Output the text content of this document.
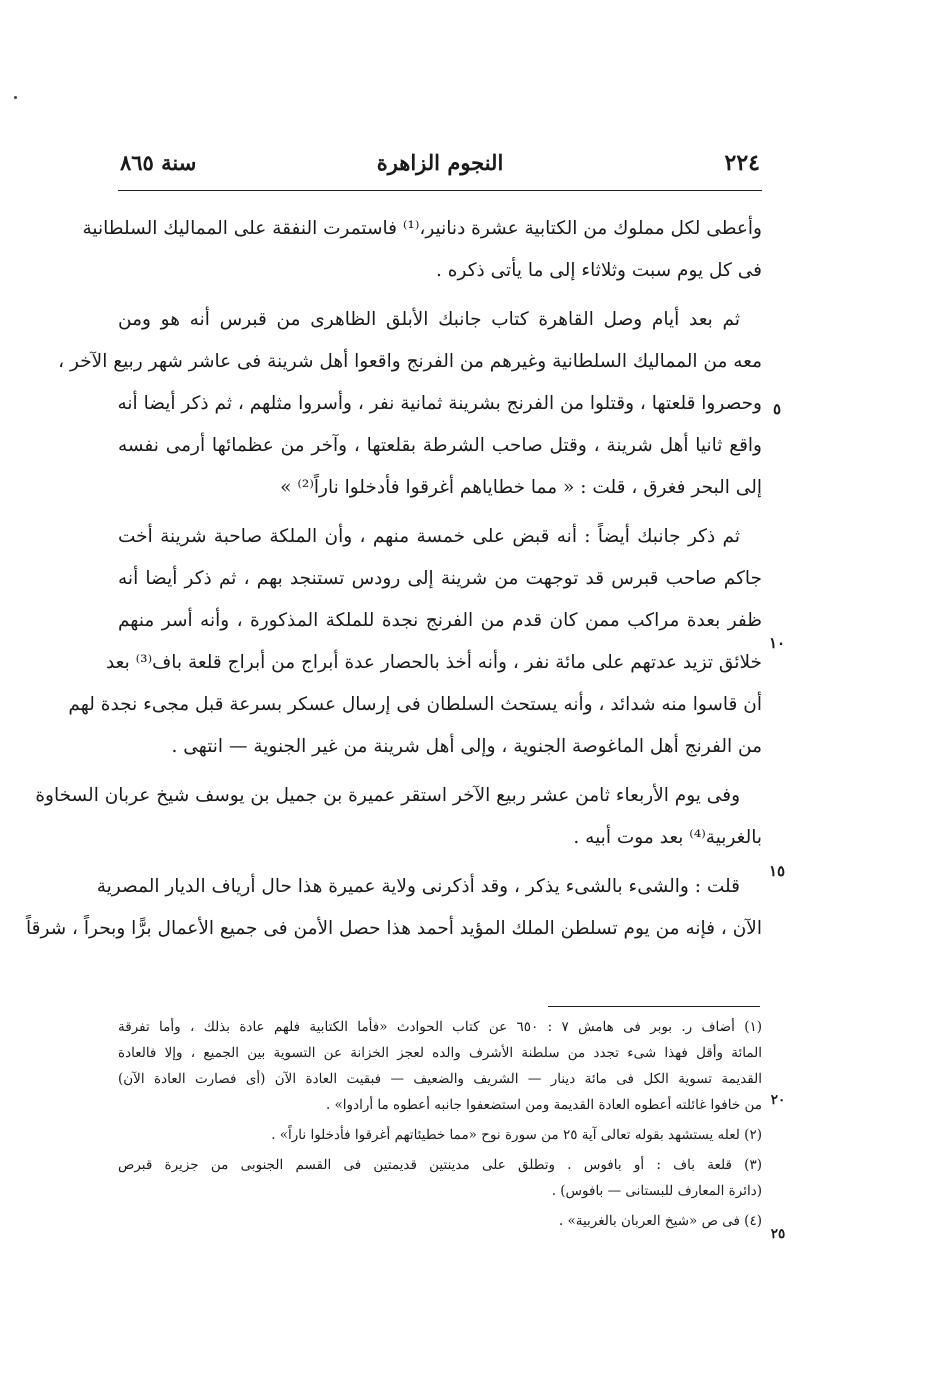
٢٢٤
النجوم الزاهرة
سنة ٨٦٥
وأعطى لكل مملوك من الكتابية عشرة دنانير،⁽¹⁾ فاستمرت النفقة على المماليك السلطانية
فى كل يوم سبت وثلاثاء إلى ما يأتى ذكره .
ثم بعد أيام وصل القاهرة كتاب جانبك الأبلق الظاهرى من قبرس أنه هو ومن
معه من المماليك السلطانية وغيرهم من الفرنج واقعوا أهل شرينة فى عاشر شهر ربيع الآخر ،
وحصروا قلعتها ، وقتلوا من الفرنج بشرينة ثمانية نفر ، وأسروا مثلهم ، ثم ذكر أيضا أنه
واقع ثانيا أهل شرينة ، وقتل صاحب الشرطة بقلعتها ، وآخر من عظمائها أرمى نفسه
إلى البحر فغرق ، قلت : « مما خطاياهم أغرقوا فأدخلوا ناراً⁽²⁾ »
ثم ذكر جانبك أيضاً : أنه قبض على خمسة منهم ، وأن الملكة صاحبة شرينة أخت
جاكم صاحب قبرس قد توجهت من شرينة إلى رودس تستنجد بهم ، ثم ذكر أيضا أنه
ظفر بعدة مراكب ممن كان قدم من الفرنج نجدة للملكة المذكورة ، وأنه أسر منهم
خلائق تزيد عدتهم على مائة نفر ، وأنه أخذ بالحصار عدة أبراج من أبراج قلعة باف⁽³⁾ بعد
أن قاسوا منه شدائد ، وأنه يستحث السلطان فى إرسال عسكر بسرعة قبل مجىء نجدة لهم
من الفرنج أهل الماغوصة الجنوية ، وإلى أهل شرينة من غير الجنوية — انتهى .
وفى يوم الأربعاء ثامن عشر ربيع الآخر استقر عميرة بن جميل بن يوسف شيخ عربان السخاوة
بالغربية⁽⁴⁾ بعد موت أبيه .
قلت : والشىء بالشىء يذكر ، وقد أذكرنى ولاية عميرة هذا حال أرياف الديار المصرية
الآن ، فإنه من يوم تسلطن الملك المؤيد أحمد هذا حصل الأمن فى جميع الأعمال برًّا وبحراً ، شرقاً
٥
١٠
١٥
(١) أضاف ر. بوبر فى هامش ٧ : ٦٥٠ عن كتاب الحوادث «فأما الكتابية فلهم عادة بذلك ، وأما تفرقة
المائة وأقل فهذا شىء تجدد من سلطنة الأشرف والده لعجز الخزانة عن التسوية بين الجميع ، وإلا فالعادة
القديمة تسوية الكل فى مائة دينار — الشريف والضعيف — فبقيت العادة الآن (أى فصارت العادة الآن)
من خافوا غائلته أعطوه العادة القديمة ومن استضعفوا جانبه أعطوه ما أرادوا» .
(٢) لعله يستشهد بقوله تعالى آية ٢٥ من سورة نوح «مما خطيئاتهم أغرقوا فأدخلوا ناراً» .
(٣) قلعة باف : أو بافوس . وتطلق على مدينتين قديمتين فى القسم الجنوبى من جزيرة قبرص
(دائرة المعارف للبستانى — بافوس) .
(٤) فى ص «شيخ العربان بالغربية» .
٢٠
٢٥
